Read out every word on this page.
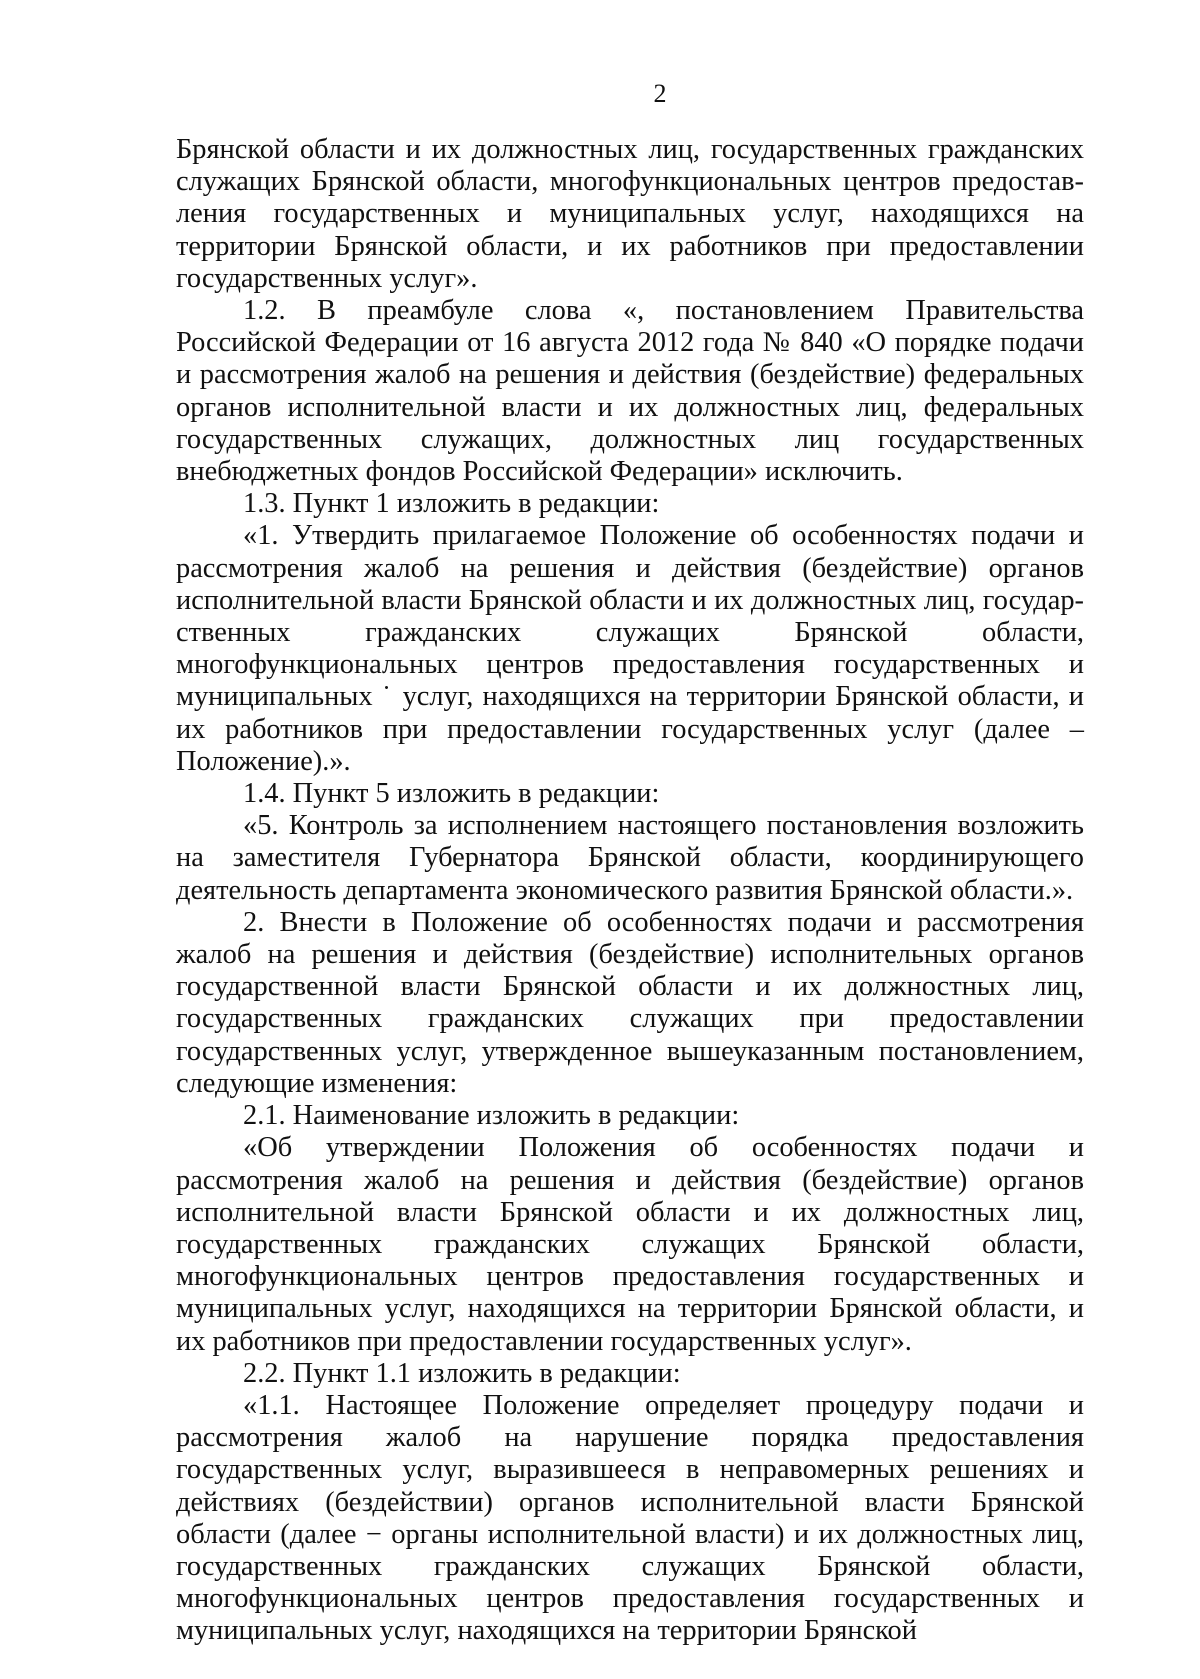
2

Брянской области и их должностных лиц, государственных гражданских служащих Брянской области, многофункциональных центров предоставления государственных и муниципальных услуг, находящихся на территории Брянской области, и их работников при предоставлении государственных услуг».

1.2. В преамбуле слова «, постановлением Правительства Российской Федерации от 16 августа 2012 года № 840 «О порядке подачи и рассмотрения жалоб на решения и действия (бездействие) федеральных органов исполнительной власти и их должностных лиц, федеральных государственных служащих, должностных лиц государственных внебюджетных фондов Российской Федерации» исключить.

1.3. Пункт 1 изложить в редакции:

«1. Утвердить прилагаемое Положение об особенностях подачи и рассмотрения жалоб на решения и действия (бездействие) органов исполнительной власти Брянской области и их должностных лиц, государственных гражданских служащих Брянской области, многофункциональных центров предоставления государственных и муниципальных ˙ услуг, находящихся на территории Брянской области, и их работников при предоставлении государственных услуг (далее – Положение).».

1.4. Пункт 5 изложить в редакции:

«5. Контроль за исполнением настоящего постановления возложить на заместителя Губернатора Брянской области, координирующего деятельность департамента экономического развития Брянской области.».

2. Внести в Положение об особенностях подачи и рассмотрения жалоб на решения и действия (бездействие) исполнительных органов государственной власти Брянской области и их должностных лиц, государственных гражданских служащих при предоставлении государственных услуг, утвержденное вышеуказанным постановлением, следующие изменения:

2.1. Наименование изложить в редакции:

«Об утверждении Положения об особенностях подачи и рассмотрения жалоб на решения и действия (бездействие) органов исполнительной власти Брянской области и их должностных лиц, государственных гражданских служащих Брянской области, многофункциональных центров предоставления государственных и муниципальных услуг, находящихся на территории Брянской области, и их работников при предоставлении государственных услуг».

2.2. Пункт 1.1 изложить в редакции:

«1.1. Настоящее Положение определяет процедуру подачи и рассмотрения жалоб на нарушение порядка предоставления государственных услуг, выразившееся в неправомерных решениях и действиях (бездействии) органов исполнительной власти Брянской области (далее − органы исполнительной власти) и их должностных лиц, государственных гражданских служащих Брянской области, многофункциональных центров предоставления государственных и муниципальных услуг, находящихся на территории Брянской
